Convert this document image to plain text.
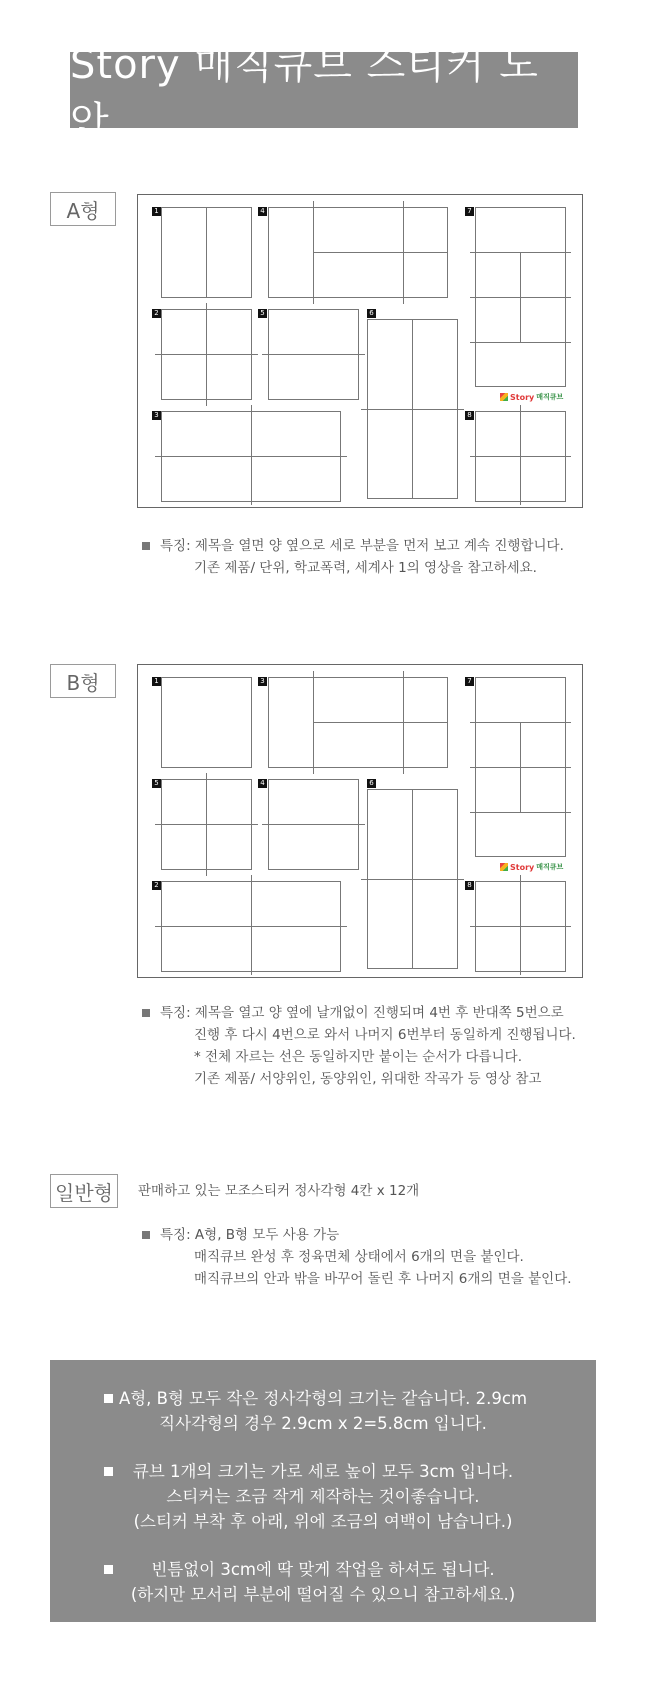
Story 매직큐브 스티커 도안
A형	1	4	7
2	5	6
Story 매직큐브
3	8
특징: 제목을 열면 양 옆으로 세로 부분을 먼저 보고 계속 진행합니다.
기존 제품/ 단위, 학교폭력, 세계사 1의 영상을 참고하세요.
B형	1	3	7
5	4	6
Story 매직큐브
2	8
특징: 제목을 열고 양 옆에 날개없이 진행되며 4번 후 반대쪽 5번으로
진행 후 다시 4번으로 와서 나머지 6번부터 동일하게 진행됩니다.
* 전체 자르는 선은 동일하지만 붙이는 순서가 다릅니다.
기존 제품/ 서양위인, 동양위인, 위대한 작곡가 등 영상 참고
일반형	판매하고 있는 모조스티커 정사각형 4칸 x 12개
특징: A형, B형 모두 사용 가능
매직큐브 완성 후 정육면체 상태에서 6개의 면을 붙인다.
매직큐브의 안과 밖을 바꾸어 돌린 후 나머지 6개의 면을 붙인다.
A형, B형 모두 작은 정사각형의 크기는 같습니다. 2.9cm
직사각형의 경우 2.9cm x 2=5.8cm 입니다.
큐브 1개의 크기는 가로 세로 높이 모두 3cm 입니다.
스티커는 조금 작게 제작하는 것이좋습니다.
(스티커 부착 후 아래, 위에 조금의 여백이 남습니다.)
빈틈없이 3cm에 딱 맞게 작업을 하셔도 됩니다.
(하지만 모서리 부분에 떨어질 수 있으니 참고하세요.)
